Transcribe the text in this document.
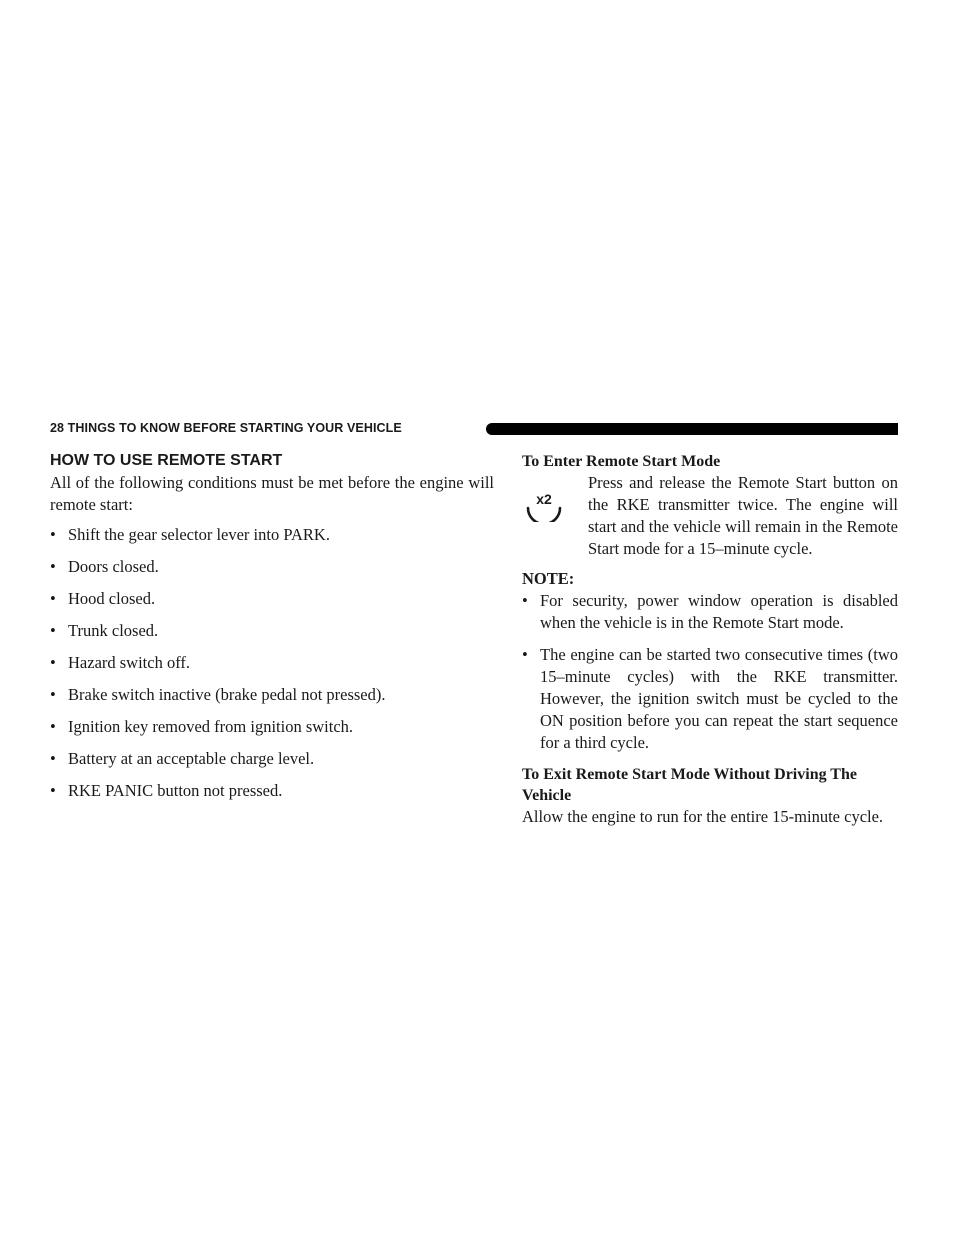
28 THINGS TO KNOW BEFORE STARTING YOUR VEHICLE
HOW TO USE REMOTE START

All of the following conditions must be met before the engine will remote start:

• Shift the gear selector lever into PARK.
• Doors closed.
• Hood closed.
• Trunk closed.
• Hazard switch off.
• Brake switch inactive (brake pedal not pressed).
• Ignition key removed from ignition switch.
• Battery at an acceptable charge level.
• RKE PANIC button not pressed.
To Enter Remote Start Mode
x2

Press and release the Remote Start button on the RKE transmitter twice. The engine will start and the vehicle will remain in the Remote Start mode for a 15–minute cycle.

NOTE:
• For security, power window operation is disabled when the vehicle is in the Remote Start mode.
• The engine can be started two consecutive times (two 15–minute cycles) with the RKE transmitter. However, the ignition switch must be cycled to the ON position before you can repeat the start sequence for a third cycle.
To Exit Remote Start Mode Without Driving The Vehicle

Allow the engine to run for the entire 15-minute cycle.
